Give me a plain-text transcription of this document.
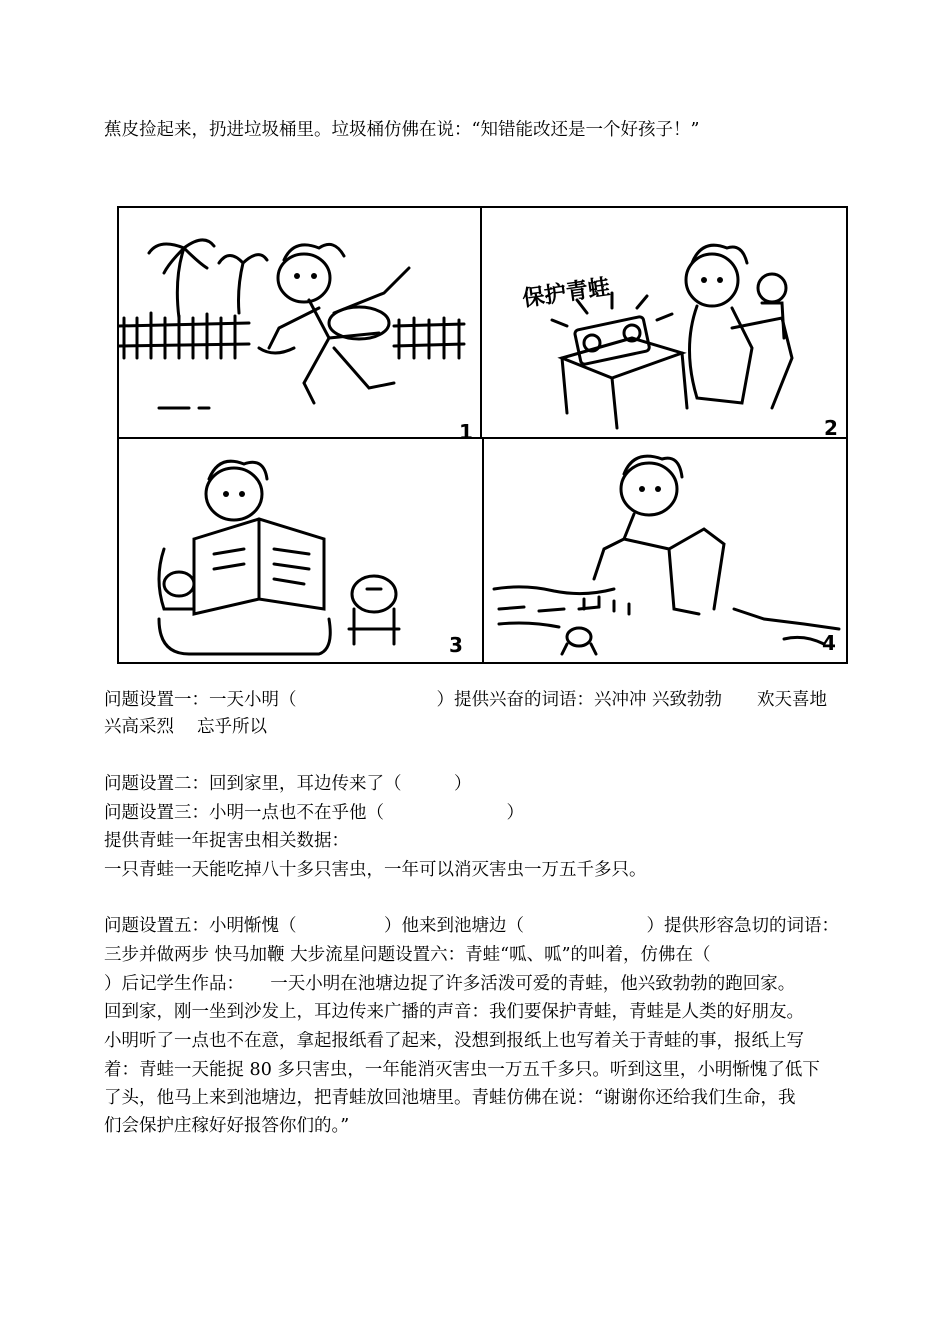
蕉皮捡起来，扔进垃圾桶里。垃圾桶仿佛在说：“知错能改还是一个好孩子！”
1
保护青蛙
2
3	4
问题设置一：一天小明（　　　　　　　　）提供兴奋的词语：兴冲冲 兴致勃勃　　欢天喜地
兴高采烈　 忘乎所以
问题设置二：回到家里，耳边传来了（　　　）
问题设置三：小明一点也不在乎他（　　　　　　　）
提供青蛙一年捉害虫相关数据：
一只青蛙一天能吃掉八十多只害虫，一年可以消灭害虫一万五千多只。
问题设置五：小明惭愧（　　　　　）他来到池塘边（　　　　　　　）提供形容急切的词语：
三步并做两步 快马加鞭 大步流星问题设置六：青蛙“呱、呱”的叫着，仿佛在（
）后记学生作品：　　一天小明在池塘边捉了许多活泼可爱的青蛙，他兴致勃勃的跑回家。
回到家，刚一坐到沙发上，耳边传来广播的声音：我们要保护青蛙，青蛙是人类的好朋友。
小明听了一点也不在意，拿起报纸看了起来，没想到报纸上也写着关于青蛙的事，报纸上写
着：青蛙一天能捉 80 多只害虫，一年能消灭害虫一万五千多只。听到这里，小明惭愧了低下
了头，他马上来到池塘边，把青蛙放回池塘里。青蛙仿佛在说：“谢谢你还给我们生命，我
们会保护庄稼好好报答你们的。”
